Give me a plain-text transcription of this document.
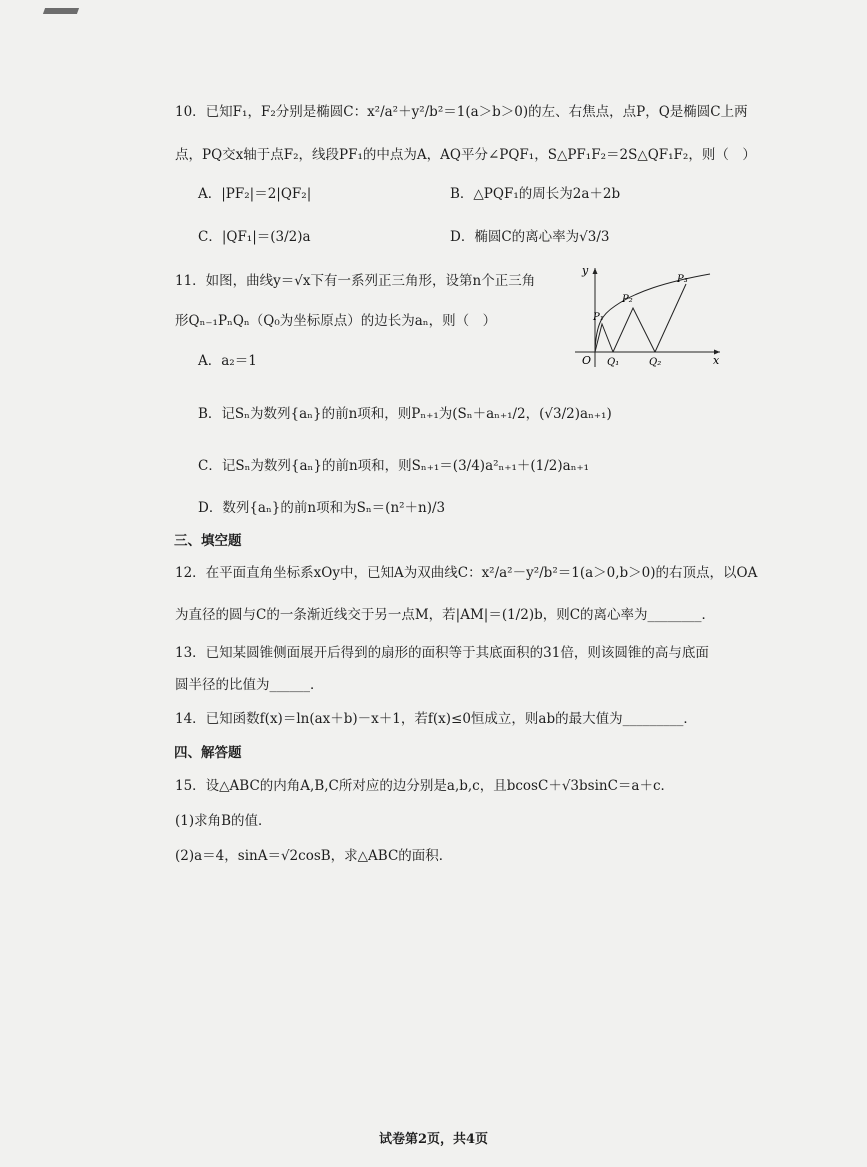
10．已知F₁，F₂分别是椭圆C：x²/a²＋y²/b²＝1(a＞b＞0)的左、右焦点，点P，Q是椭圆C上两
点，PQ交x轴于点F₂，线段PF₁的中点为A，AQ平分∠PQF₁，S△PF₁F₂＝2S△QF₁F₂，则（　）
A．|PF₂|＝2|QF₂|	B．△PQF₁的周长为2a＋2b
C．|QF₁|＝(3/2)a	D．椭圆C的离心率为√3/3
11．如图，曲线y＝√x下有一系列正三角形，设第n个正三角
形Qₙ₋₁PₙQₙ（Q₀为坐标原点）的边长为aₙ，则（　）
y
x
O
P₁
P₂
P₃
Q₁	Q₂
A．a₂＝1
B．记Sₙ为数列{aₙ}的前n项和，则Pₙ₊₁为(Sₙ＋aₙ₊₁/2，(√3/2)aₙ₊₁)
C．记Sₙ为数列{aₙ}的前n项和，则Sₙ₊₁＝(3/4)a²ₙ₊₁＋(1/2)aₙ₊₁
D．数列{aₙ}的前n项和为Sₙ＝(n²＋n)/3
三、填空题
12．在平面直角坐标系xOy中，已知A为双曲线C：x²/a²－y²/b²＝1(a＞0,b＞0)的右顶点，以OA
为直径的圆与C的一条渐近线交于另一点M，若|AM|＝(1/2)b，则C的离心率为________．
13．已知某圆锥侧面展开后得到的扇形的面积等于其底面积的31倍，则该圆锥的高与底面
圆半径的比值为______．
14．已知函数f(x)＝ln(ax＋b)－x＋1，若f(x)≤0恒成立，则ab的最大值为_________．
四、解答题
15．设△ABC的内角A,B,C所对应的边分别是a,b,c，且bcosC＋√3bsinC＝a＋c．
(1)求角B的值．
(2)a＝4，sinA＝√2cosB，求△ABC的面积．
试卷第2页，共4页
